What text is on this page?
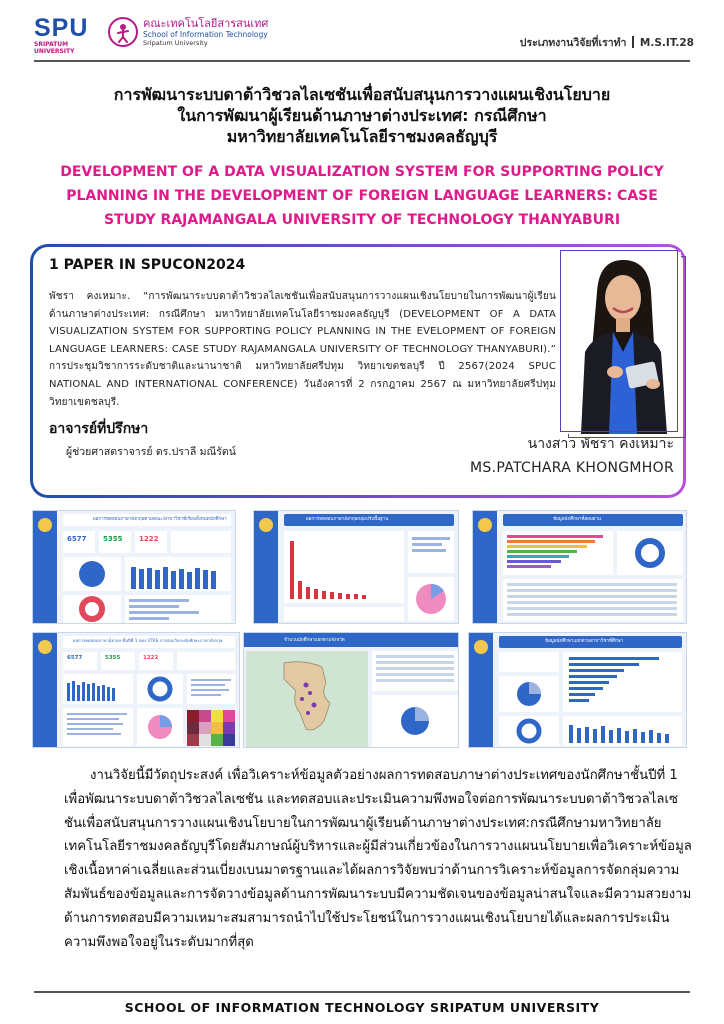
SPU
SRIPATUM
UNIVERSITY
คณะเทคโนโลยีสารสนเทศ
School of Information Technology
Sripatum University	ประเภทงานวิจัยที่เราทำ M.S.IT.28
การพัฒนาระบบดาต้าวิชวลไลเซชันเพื่อสนับสนุนการวางแผนเชิงนโยบาย
ในการพัฒนาผู้เรียนด้านภาษาต่างประเทศ: กรณีศึกษา
มหาวิทยาลัยเทคโนโลยีราชมงคลธัญบุรี
DEVELOPMENT OF A DATA VISUALIZATION SYSTEM FOR SUPPORTING POLICY
PLANNING IN THE DEVELOPMENT OF FOREIGN LANGUAGE LEARNERS: CASE
STUDY RAJAMANGALA UNIVERSITY OF TECHNOLOGY THANYABURI
1 PAPER IN SPUCON2024
พัชรา คงเหมาะ. “การพัฒนาระบบดาต้าวิชวลไลเซชันเพื่อสนับสนุนการวางแผนเชิงนโยบายในการพัฒนาผู้เรียนด้านภาษาต่างประเทศ: กรณีศึกษา มหาวิทยาลัยเทคโนโลยีราชมงคลธัญบุรี (DEVELOPMENT OF A DATA VISUALIZATION SYSTEM FOR SUPPORTING POLICY PLANNING IN THE EVELOPMENT OF FOREIGN LANGUAGE LEARNERS: CASE STUDY RAJAMANGALA UNIVERSITY OF TECHNOLOGY THANYABURI).” การประชุมวิชาการระดับชาติและนานาชาติ มหาวิทยาลัยศรีปทุม วิทยาเขตชลบุรี ปี 2567(2024 SPUC NATIONAL AND INTERNATIONAL CONFERENCE) วันอังคารที่ 2 กรกฎาคม 2567 ณ มหาวิทยาลัยศรีปทุม วิทยาเขตชลบุรี.
อาจารย์ที่ปรึกษา
ผู้ช่วยศาสตราจารย์ ดร.ปราลี มณีรัตน์	นางสาว พัชรา คงเหมาะ
MS.PATCHARA KHONGMHOR
6577 5355 1222
ผลการทดสอบภาษาอังกฤษตามคณะ/สาขาวิชาที่เรียนทั้งหมดนักศึกษา	ผลการทดสอบภาษาอังกฤษกลุ่มปรับพื้นฐาน	ข้อมูลนักศึกษาที่สอบผ่าน
6577	5355	1222
ผลการทดสอบภาษาอังกฤษ ชั้นปีที่ 1 ของ UTAS การสอบวัดระดับทักษะภาษาอังกฤษ	จำนวนนักศึกษาแยกตามจังหวัด	ข้อมูลนักศึกษาแยกตามสาขาวิชาที่ศึกษา

งานวิจัยนี้มีวัตถุประสงค์ เพื่อวิเคราะห์ข้อมูลตัวอย่างผลการทดสอบภาษาต่างประเทศของนักศึกษาชั้นปีที่ 1 เพื่อพัฒนาระบบดาต้าวิชวลไลเซชัน และทดสอบและประเมินความพึงพอใจต่อการพัฒนาระบบดาต้าวิชวลไลเซชันเพื่อสนับสนุนการวางแผนเชิงนโยบายในการพัฒนาผู้เรียนด้านภาษาต่างประเทศ:กรณีศึกษามหาวิทยาลัยเทคโนโลยีราชมงคลธัญบุรีโดยสัมภาษณ์ผู้บริหารและผู้มีส่วนเกี่ยวข้องในการวางแผนนโยบายเพื่อวิเคราะห์ข้อมูลเชิงเนื้อหาค่าเฉลี่ยและส่วนเบี่ยงเบนมาตรฐานและได้ผลการวิจัยพบว่าด้านการวิเคราะห์ข้อมูลการจัดกลุ่มความสัมพันธ์ของข้อมูลและการจัดวางข้อมูลด้านการพัฒนาระบบมีความชัดเจนของข้อมูลน่าสนใจและมีความสวยงามด้านการทดสอบมีความเหมาะสมสามารถนำไปใช้ประโยชน์ในการวางแผนเชิงนโยบายได้และผลการประเมินความพึงพอใจอยู่ในระดับมากที่สุด

SCHOOL OF INFORMATION TECHNOLOGY SRIPATUM UNIVERSITY
